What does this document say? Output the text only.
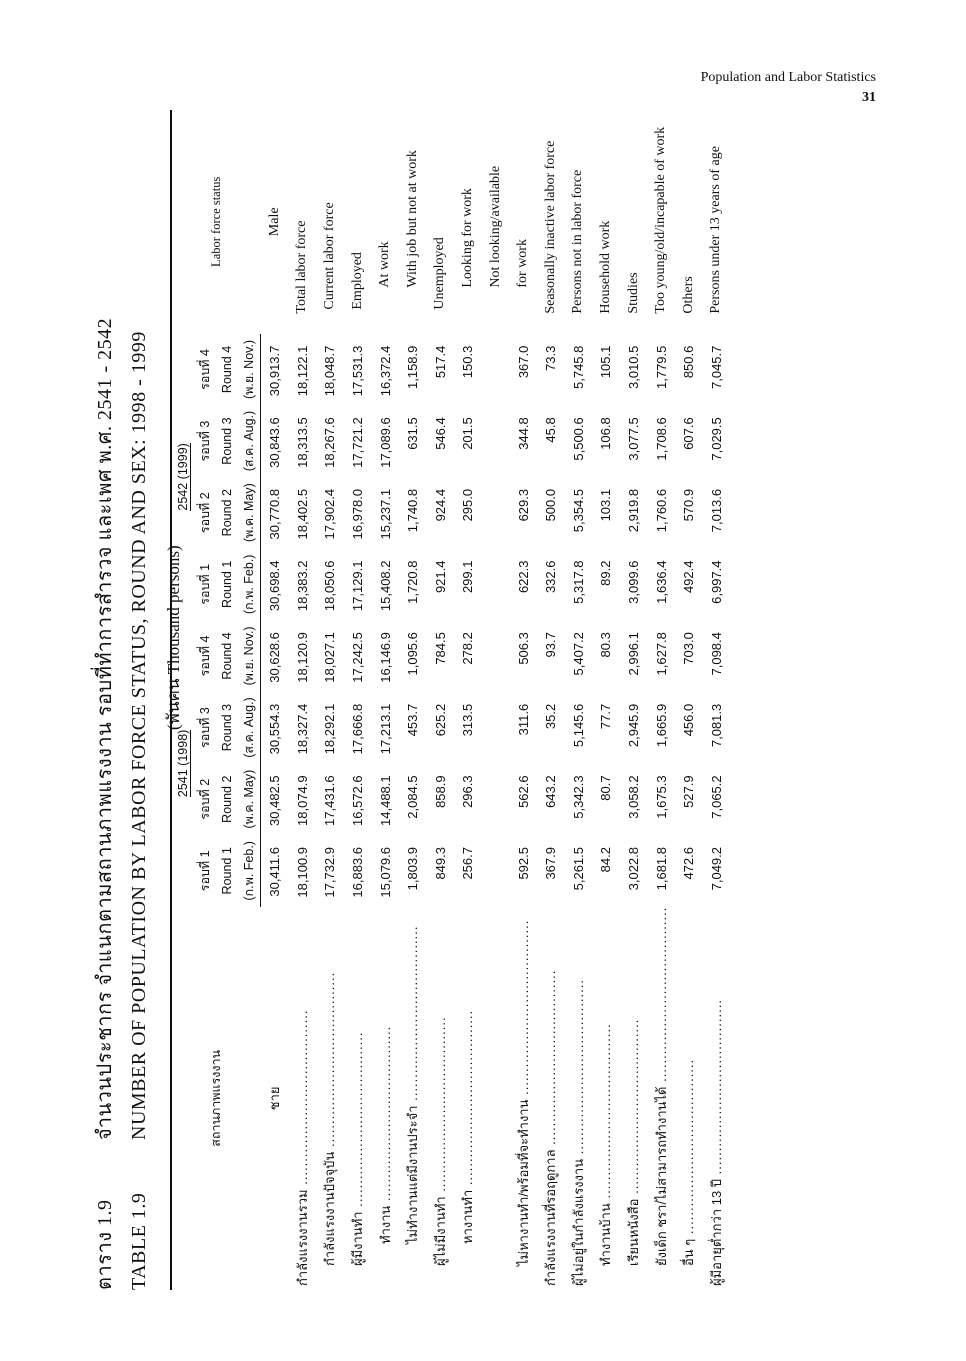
Population and Labor Statistics
31
ตาราง 1.9จำนวนประชากร จำแนกตามสถานภาพแรงงาน รอบที่ทำการสำรวจ และเพศ พ.ศ. 2541 - 2542
TABLE 1.9NUMBER OF POPULATION BY LABOR FORCE STATUS, ROUND AND SEX: 1998 - 1999 (พันคน Thousand persons)
สถานภาพแรงงาน	2541 (1998)				2542 (1999)				Labor force status
	รอบที่ 1	รอบที่ 2	รอบที่ 3	รอบที่ 4	รอบที่ 1	รอบที่ 2	รอบที่ 3	รอบที่ 4	
	Round 1	Round 2	Round 3	Round 4	Round 1	Round 2	Round 3	Round 4	
	(ก.พ. Feb.)	(พ.ค. May)	(ส.ค. Aug.)	(พ.ย. Nov.)	(ก.พ. Feb.)	(พ.ค. May)	(ส.ค. Aug.)	(พ.ย. Nov.)	
ชาย	30,411.6	30,482.5	30,554.3	30,628.6	30,698.4	30,770.8	30,843.6	30,913.7	Male
กำลังแรงงานรวม .....	18,100.9	18,074.9	18,327.4	18,120.9	18,383.2	18,402.5	18,313.5	18,122.1	Total labor force
กำลังแรงงานปัจจุบัน .....	17,732.9	17,431.6	18,292.1	18,027.1	18,050.6	17,902.4	18,267.6	18,048.7	Current labor force
ผู้มีงานทำ .....	16,883.6	16,572.6	17,666.8	17,242.5	17,129.1	16,978.0	17,721.2	17,531.3	Employed
ทำงาน .....	15,079.6	14,488.1	17,213.1	16,146.9	15,408.2	15,237.1	17,089.6	16,372.4	At work
ไม่ทำงานแต่มีงานประจำ .....	1,803.9	2,084.5	453.7	1,095.6	1,720.8	1,740.8	631.5	1,158.9	With job but not at work
ผู้ไม่มีงานทำ .....	849.3	858.9	625.2	784.5	921.4	924.4	546.4	517.4	Unemployed
หางานทำ .....	256.7	296.3	313.5	278.2	299.1	295.0	201.5	150.3	Looking for work
									Not looking/available
ไม่หางานทำ/พร้อมที่จะทำงาน .....	592.5	562.6	311.6	506.3	622.3	629.3	344.8	367.0	for work
กำลังแรงงานที่รอฤดูกาล .....	367.9	643.2	35.2	93.7	332.6	500.0	45.8	73.3	Seasonally inactive labor force
ผู้ไม่อยู่ในกำลังแรงงาน .....	5,261.5	5,342.3	5,145.6	5,407.2	5,317.8	5,354.5	5,500.6	5,745.8	Persons not in labor force
ทำงานบ้าน .....	84.2	80.7	77.7	80.3	89.2	103.1	106.8	105.1	Household work
เรียนหนังสือ .....	3,022.8	3,058.2	2,945.9	2,996.1	3,099.6	2,919.8	3,077.5	3,010.5	Studies
ยังเด็ก ชรา/ไม่สามารถทำงานได้ .....	1,681.8	1,675.3	1,665.9	1,627.8	1,636.4	1,760.6	1,708.6	1,779.5	Too young/old/incapable of work
อื่น ๆ .....	472.6	527.9	456.0	703.0	492.4	570.9	607.6	850.6	Others
ผู้มีอายุต่ำกว่า 13 ปี .....	7,049.2	7,065.2	7,081.3	7,098.4	6,997.4	7,013.6	7,029.5	7,045.7	Persons under 13 years of age
